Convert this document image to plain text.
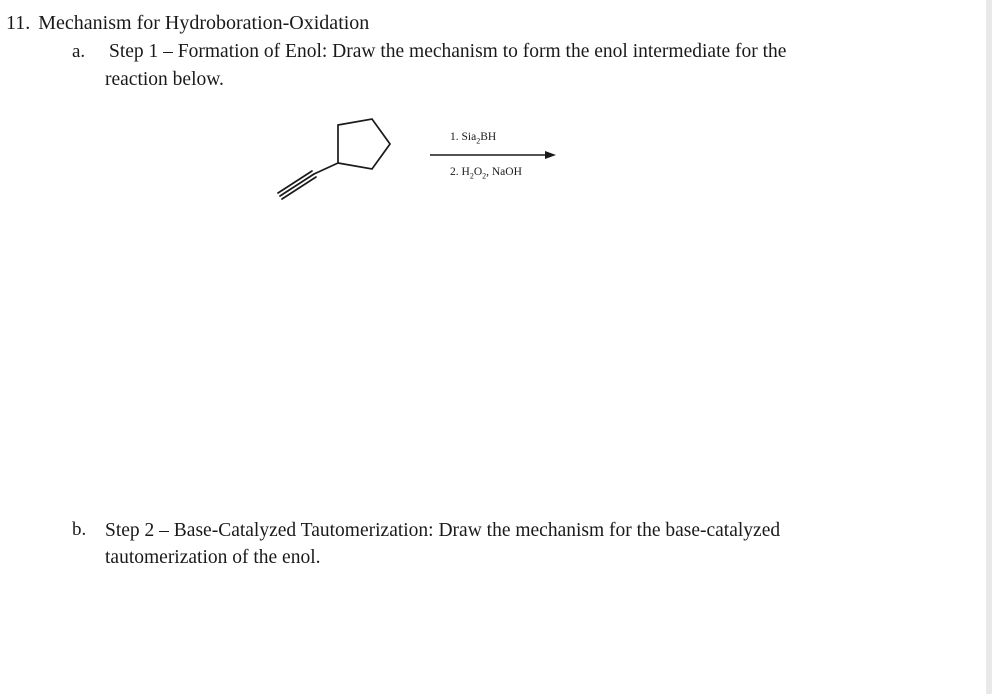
11. Mechanism for Hydroboration-Oxidation
a. Step 1 – Formation of Enol: Draw the mechanism to form the enol intermediate for the
reaction below.
1. Sia$_2$BH
2. $H_2O_2$, NaOH
b. Step 2 – Base-Catalyzed Tautomerization: Draw the mechanism for the base-catalyzed
tautomerization of the enol.
